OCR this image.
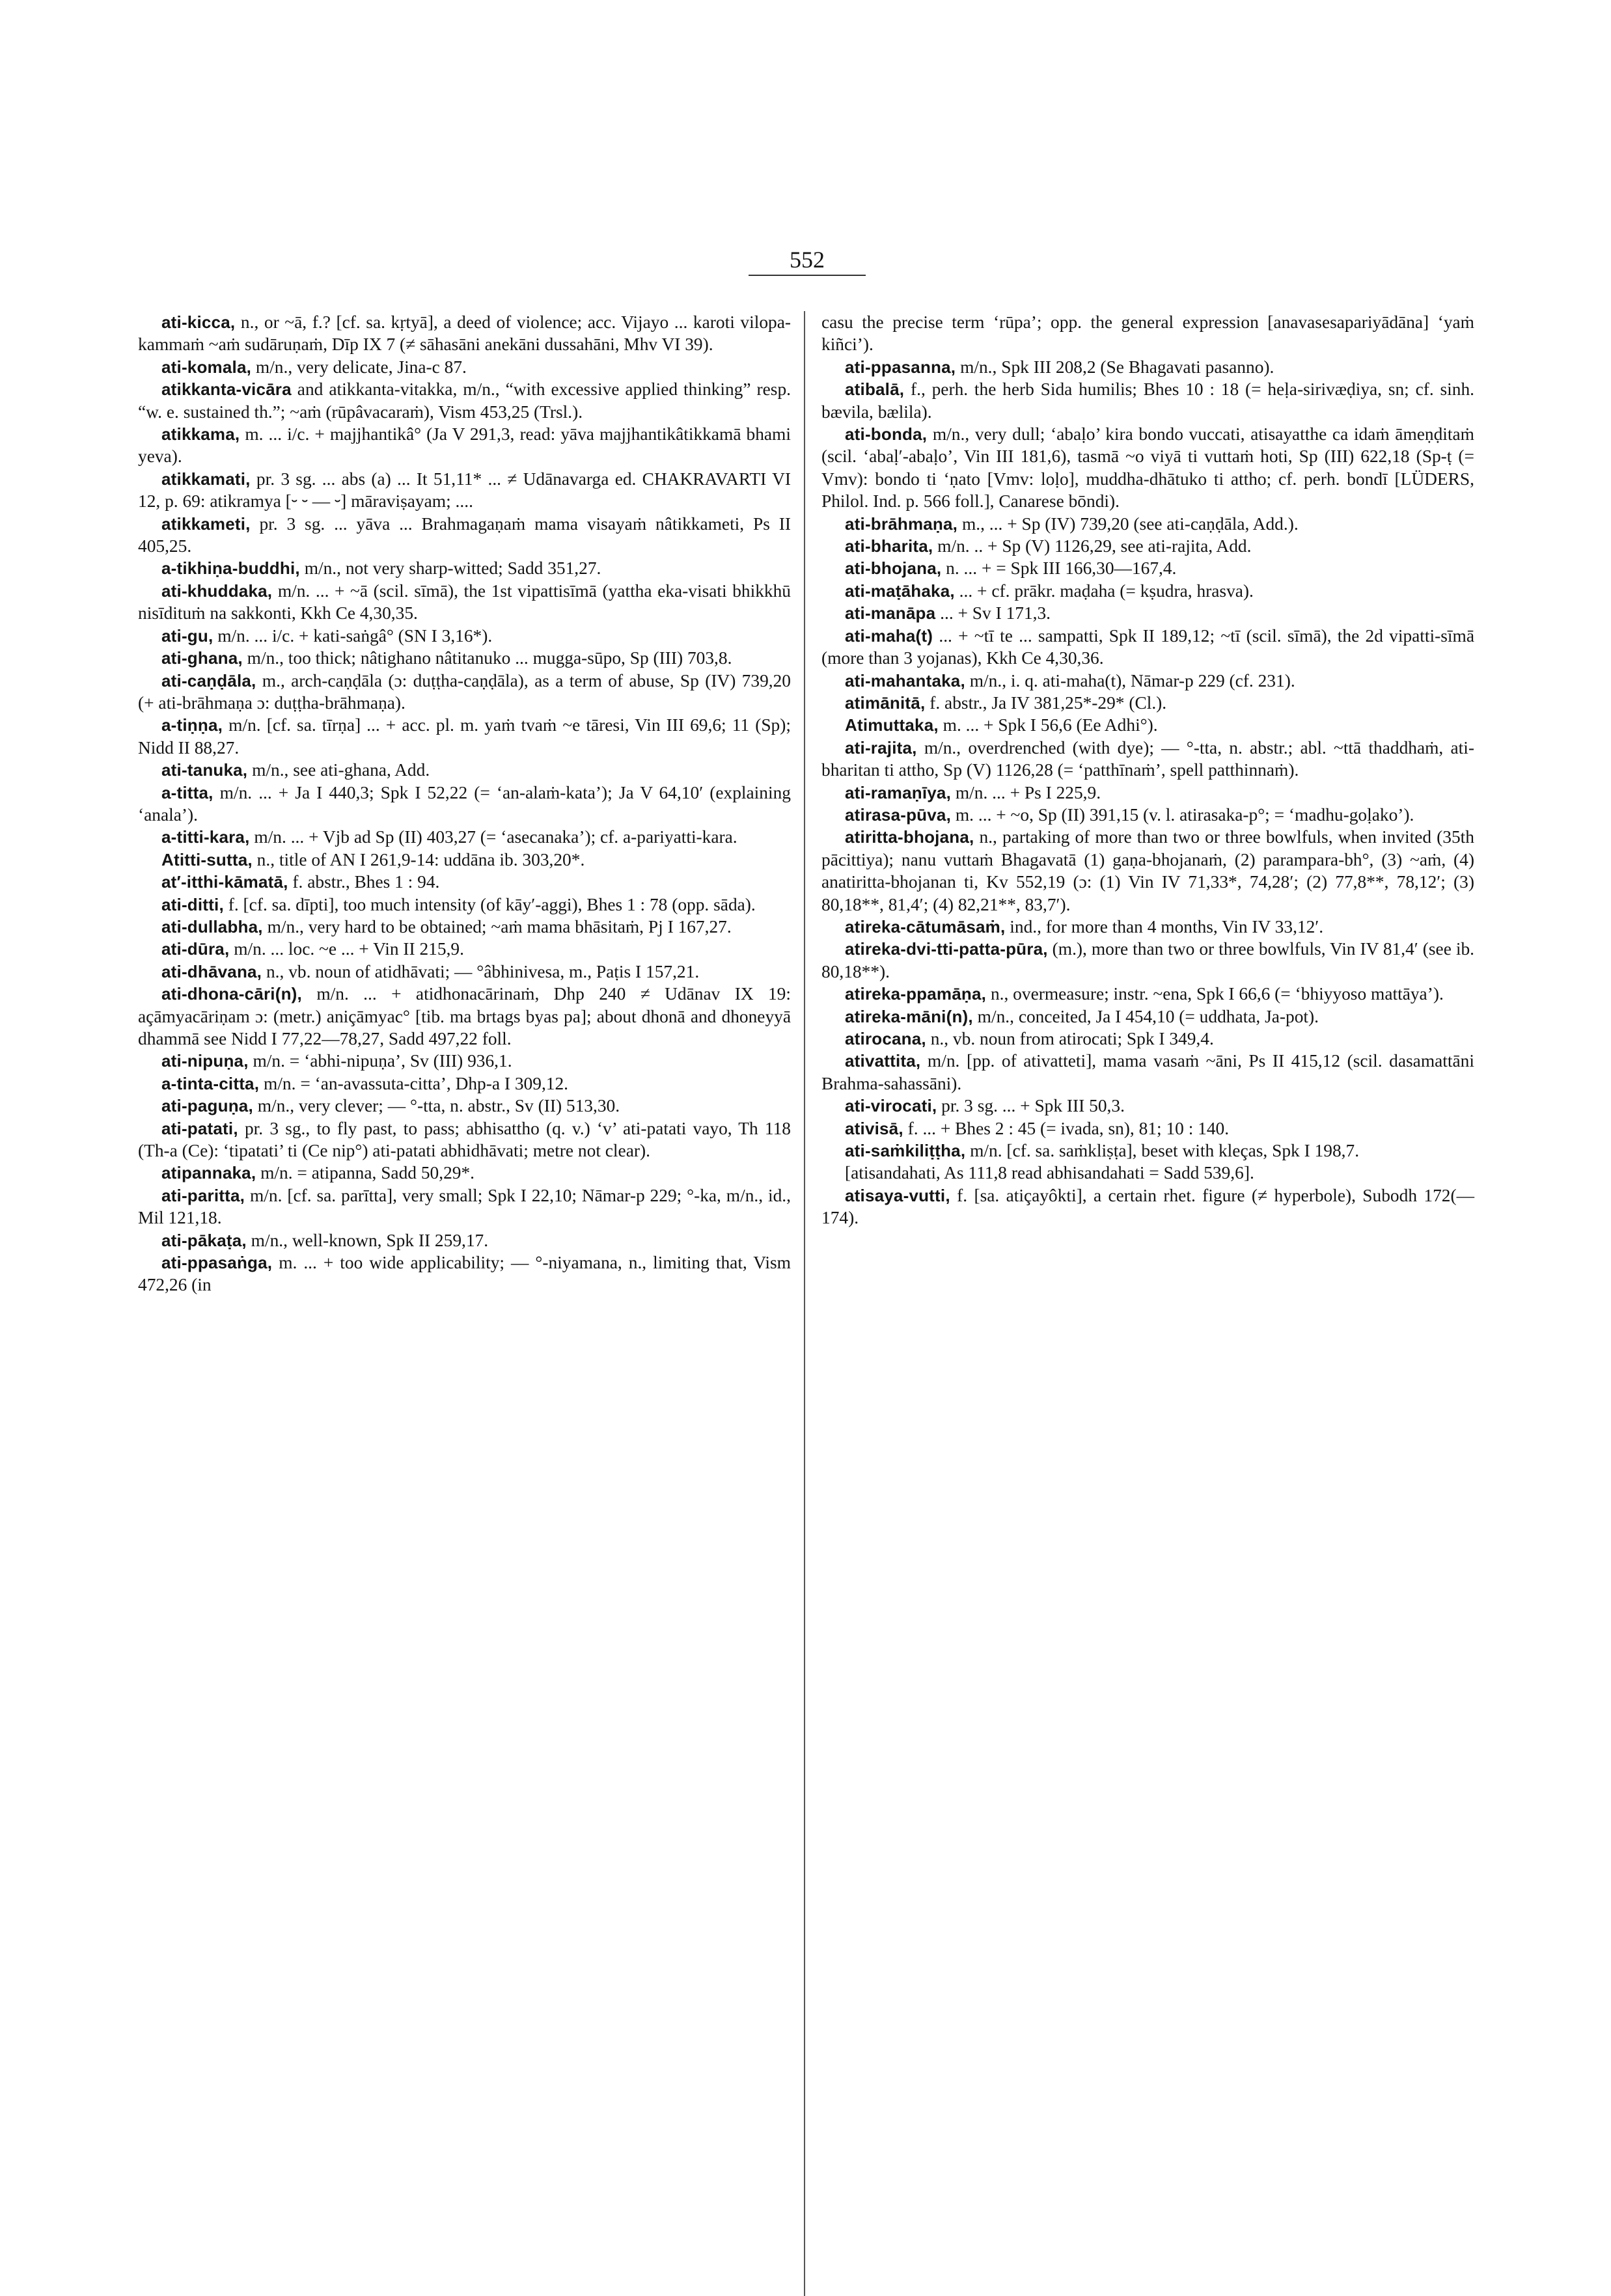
552

ati-kicca, n., or ~ā, f.? [cf. sa. kṛtyā], a deed of violence; acc. Vijayo ... karoti vilopa-kammaṁ ~aṁ sudāruṇaṁ, Dīp IX 7 (≠ sāhasāni anekāni dussahāni, Mhv VI 39).

ati-komala, m/n., very delicate, Jina-c 87.

atikkanta-vicāra and atikkanta-vitakka, m/n., “with excessive applied thinking” resp. “w. e. sustained th.”; ~aṁ (rūpâvacaraṁ), Vism 453,25 (Trsl.).

atikkama, m. ... i/c. + majjhantikâ° (Ja V 291,3, read: yāva majjhantikâtikkamā bhami yeva).

atikkamati, pr. 3 sg. ... abs (a) ... It 51,11* ... ≠ Udānavarga ed. CHAKRAVARTI VI 12, p. 69: atikramya [⏑ ⏑ — ⏑] māraviṣayam; ....

atikkameti, pr. 3 sg. ... yāva ... Brahmagaṇaṁ mama visayaṁ nâtikkameti, Ps II 405,25.

a-tikhiṇa-buddhi, m/n., not very sharp-witted; Sadd 351,27.

ati-khuddaka, m/n. ... + ~ā (scil. sīmā), the 1st vipattisīmā (yattha eka-visati bhikkhū nisīdituṁ na sakkonti, Kkh Ce 4,30,35.

ati-gu, m/n. ... i/c. + kati-saṅgâ° (SN I 3,16*).

ati-ghana, m/n., too thick; nâtighano nâtitanuko ... mugga-sūpo, Sp (III) 703,8.

ati-caṇḍāla, m., arch-caṇḍāla (ɔ: duṭṭha-caṇḍāla), as a term of abuse, Sp (IV) 739,20 (+ ati-brāhmaṇa ɔ: duṭṭha-brāhmaṇa).

a-tiṇṇa, m/n. [cf. sa. tīrṇa] ... + acc. pl. m. yaṁ tvaṁ ~e tāresi, Vin III 69,6; 11 (Sp); Nidd II 88,27.

ati-tanuka, m/n., see ati-ghana, Add.

a-titta, m/n. ... + Ja I 440,3; Spk I 52,22 (= ‘an-alaṁ-kata’); Ja V 64,10′ (explaining ‘anala’).

a-titti-kara, m/n. ... + Vjb ad Sp (II) 403,27 (= ‘asecanaka’); cf. a-pariyatti-kara.

Atitti-sutta, n., title of AN I 261,9-14: uddāna ib. 303,20*.

at′-itthi-kāmatā, f. abstr., Bhes 1 : 94.

ati-ditti, f. [cf. sa. dīpti], too much intensity (of kāy′-aggi), Bhes 1 : 78 (opp. sāda).

ati-dullabha, m/n., very hard to be obtained; ~aṁ mama bhāsitaṁ, Pj I 167,27.

ati-dūra, m/n. ... loc. ~e ... + Vin II 215,9.

ati-dhāvana, n., vb. noun of atidhāvati; — °âbhinivesa, m., Paṭis I 157,21.

ati-dhona-cāri(n), m/n. ... + atidhonacārinaṁ, Dhp 240 ≠ Udānav IX 19: açāmyacāriṇam ɔ: (metr.) aniçāmyac° [tib. ma brtags byas pa]; about dhonā and dhoneyyā dhammā see Nidd I 77,22—78,27, Sadd 497,22 foll.

ati-nipuṇa, m/n. = ‘abhi-nipuṇa’, Sv (III) 936,1.

a-tinta-citta, m/n. = ‘an-avassuta-citta’, Dhp-a I 309,12.

ati-paguṇa, m/n., very clever; — °-tta, n. abstr., Sv (II) 513,30.

ati-patati, pr. 3 sg., to fly past, to pass; abhisattho (q. v.) ‘v’ ati-patati vayo, Th 118 (Th-a (Ce): ‘tipatati’ ti (Ce nip°) ati-patati abhidhāvati; metre not clear).

atipannaka, m/n. = atipanna, Sadd 50,29*.

ati-paritta, m/n. [cf. sa. parītta], very small; Spk I 22,10; Nāmar-p 229; °-ka, m/n., id., Mil 121,18.

ati-pākaṭa, m/n., well-known, Spk II 259,17.

ati-ppasaṅga, m. ... + too wide applicability; — °-niyamana, n., limiting that, Vism 472,26 (in

casu the precise term ‘rūpa’; opp. the general expression [anavasesapariyādāna] ‘yaṁ kiñci’).

ati-ppasanna, m/n., Spk III 208,2 (Se Bhagavati pasanno).

atibalā, f., perh. the herb Sida humilis; Bhes 10 : 18 (= heḷa-sirivæḍiya, sn; cf. sinh. bævila, bælila).

ati-bonda, m/n., very dull; ‘abaḷo’ kira bondo vuccati, atisayatthe ca idaṁ āmeṇḍitaṁ (scil. ‘abaḷ′-abaḷo’, Vin III 181,6), tasmā ~o viyā ti vuttaṁ hoti, Sp (III) 622,18 (Sp-ṭ (= Vmv): bondo ti ‘ṇato [Vmv: loḷo], muddha-dhātuko ti attho; cf. perh. bondī [LÜDERS, Philol. Ind. p. 566 foll.], Canarese bōndi).

ati-brāhmaṇa, m., ... + Sp (IV) 739,20 (see ati-caṇḍāla, Add.).

ati-bharita, m/n. .. + Sp (V) 1126,29, see ati-rajita, Add.

ati-bhojana, n. ... + = Spk III 166,30—167,4.

ati-maṭāhaka, ... + cf. prākr. maḍaha (= kṣudra, hrasva).

ati-manāpa ... + Sv I 171,3.

ati-maha(t) ... + ~tī te ... sampatti, Spk II 189,12; ~tī (scil. sīmā), the 2d vipatti-sīmā (more than 3 yojanas), Kkh Ce 4,30,36.

ati-mahantaka, m/n., i. q. ati-maha(t), Nāmar-p 229 (cf. 231).

atimānitā, f. abstr., Ja IV 381,25*-29* (Cl.).

Atimuttaka, m. ... + Spk I 56,6 (Ee Adhi°).

ati-rajita, m/n., overdrenched (with dye); — °-tta, n. abstr.; abl. ~ttā thaddhaṁ, ati-bharitan ti attho, Sp (V) 1126,28 (= ‘patthīnaṁ’, spell patthinnaṁ).

ati-ramaṇīya, m/n. ... + Ps I 225,9.

atirasa-pūva, m. ... + ~o, Sp (II) 391,15 (v. l. atirasaka-p°; = ‘madhu-goḷako’).

atiritta-bhojana, n., partaking of more than two or three bowlfuls, when invited (35th pācittiya); nanu vuttaṁ Bhagavatā (1) gaṇa-bhojanaṁ, (2) parampara-bh°, (3) ~aṁ, (4) anatiritta-bhojanan ti, Kv 552,19 (ɔ: (1) Vin IV 71,33*, 74,28′; (2) 77,8**, 78,12′; (3) 80,18**, 81,4′; (4) 82,21**, 83,7′).

atireka-cātumāsaṁ, ind., for more than 4 months, Vin IV 33,12′.

atireka-dvi-tti-patta-pūra, (m.), more than two or three bowlfuls, Vin IV 81,4′ (see ib. 80,18**).

atireka-ppamāṇa, n., overmeasure; instr. ~ena, Spk I 66,6 (= ‘bhiyyoso mattāya’).

atireka-māni(n), m/n., conceited, Ja I 454,10 (= uddhata, Ja-pot).

atirocana, n., vb. noun from atirocati; Spk I 349,4.

ativattita, m/n. [pp. of ativatteti], mama vasaṁ ~āni, Ps II 415,12 (scil. dasamattāni Brahma-sahassāni).

ati-virocati, pr. 3 sg. ... + Spk III 50,3.

ativisā, f. ... + Bhes 2 : 45 (= ivada, sn), 81; 10 : 140.

ati-saṁkiliṭṭha, m/n. [cf. sa. saṁkliṣṭa], beset with kleças, Spk I 198,7.

[atisandahati, As 111,8 read abhisandahati = Sadd 539,6].

atisaya-vutti, f. [sa. atiçayôkti], a certain rhet. figure (≠ hyperbole), Subodh 172(—174).
